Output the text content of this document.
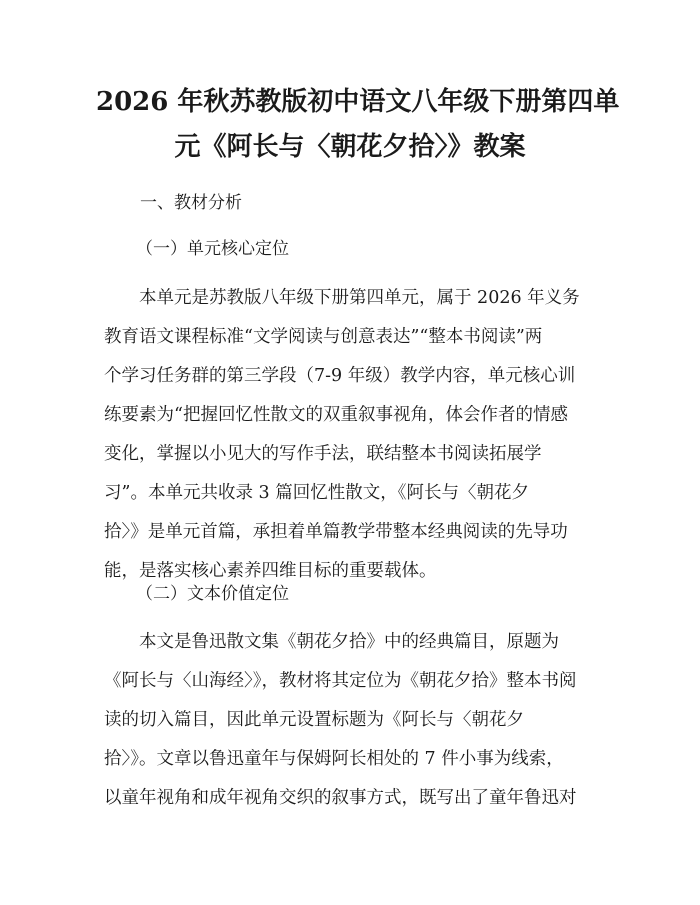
2026 年秋苏教版初中语文八年级下册第四单
元《阿长与〈朝花夕拾〉》教案

一、教材分析

（一）单元核心定位

本单元是苏教版八年级下册第四单元，属于 2026 年义务
教育语文课程标准“文学阅读与创意表达”“整本书阅读”两
个学习任务群的第三学段（7-9 年级）教学内容，单元核心训
练要素为“把握回忆性散文的双重叙事视角，体会作者的情感
变化，掌握以小见大的写作手法，联结整本书阅读拓展学
习”。本单元共收录 3 篇回忆性散文，《阿长与〈朝花夕
拾〉》是单元首篇，承担着单篇教学带整本经典阅读的先导功
能，是落实核心素养四维目标的重要载体。

（二）文本价值定位

本文是鲁迅散文集《朝花夕拾》中的经典篇目，原题为
《阿长与〈山海经〉》，教材将其定位为《朝花夕拾》整本书阅
读的切入篇目，因此单元设置标题为《阿长与〈朝花夕
拾〉》。文章以鲁迅童年与保姆阿长相处的 7 件小事为线索，
以童年视角和成年视角交织的叙事方式，既写出了童年鲁迅对
